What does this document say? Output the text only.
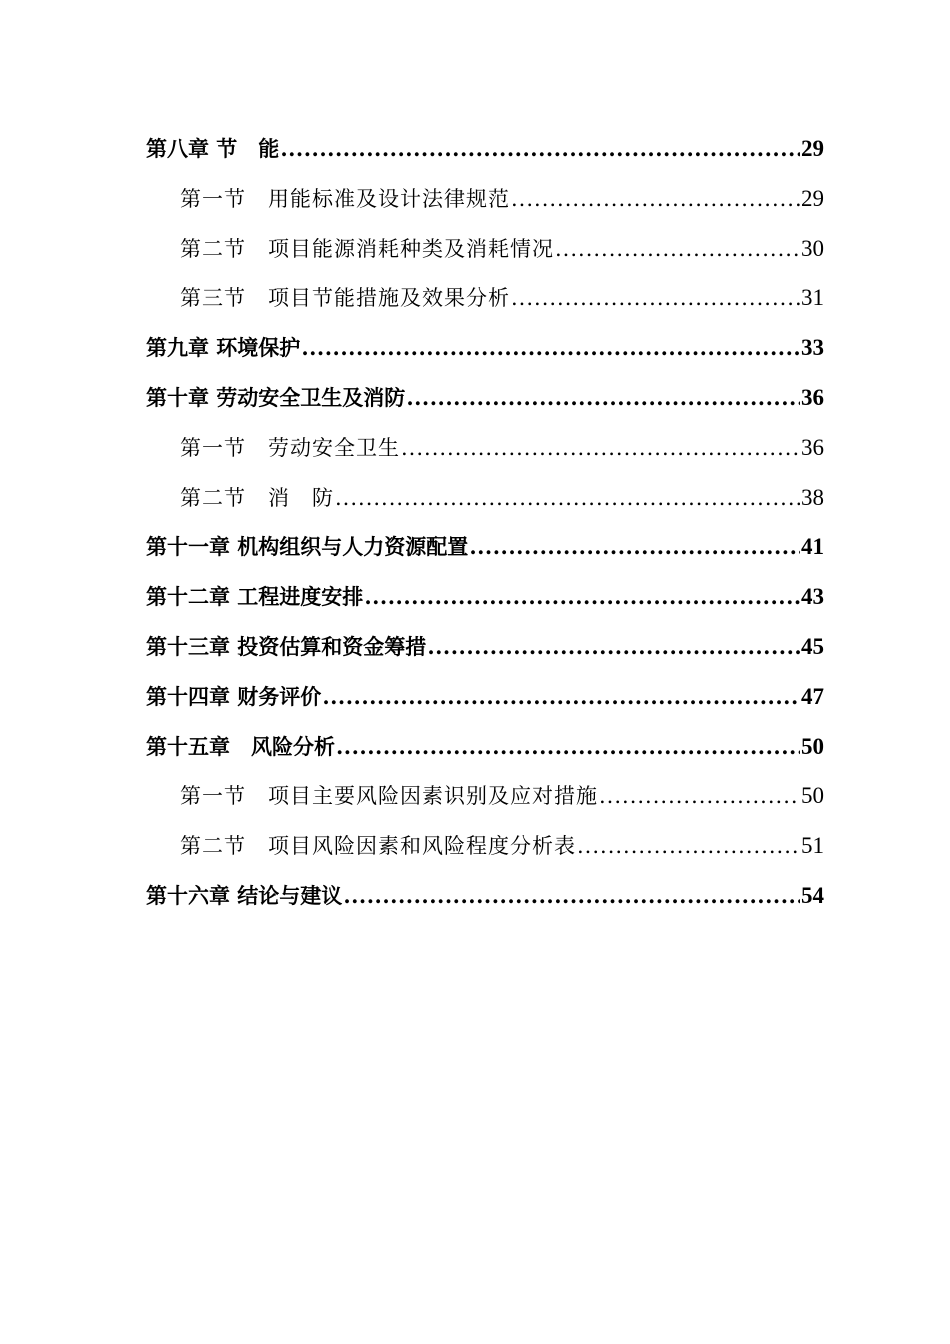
第八章 节　能 .....	29
第一节　用能标准及设计法律规范 .....	29
第二节　项目能源消耗种类及消耗情况 .....	30
第三节　项目节能措施及效果分析 .....	31
第九章 环境保护 .....	33
第十章 劳动安全卫生及消防 .....	36
第一节　劳动安全卫生 .....	36
第二节　消　防 .....	38
第十一章 机构组织与人力资源配置 .....	41
第十二章 工程进度安排 .....	43
第十三章 投资估算和资金筹措 .....	45
第十四章 财务评价 .....	47
第十五章　风险分析 .....	50
第一节　项目主要风险因素识别及应对措施 .....	50
第二节　项目风险因素和风险程度分析表 .....	51
第十六章 结论与建议 .....	54
